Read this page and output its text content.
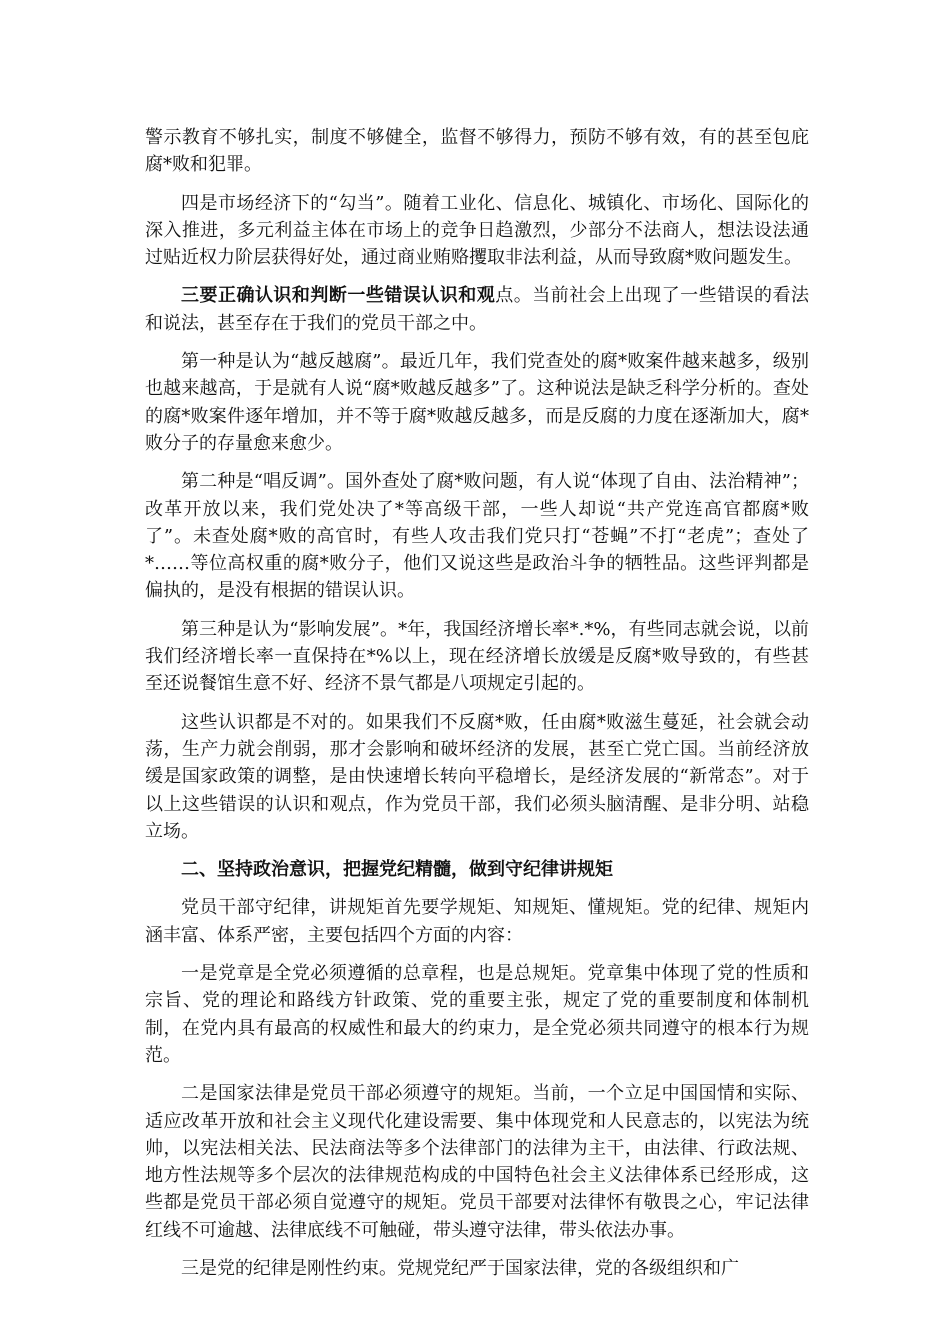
警示教育不够扎实，制度不够健全，监督不够得力，预防不够有效，有的甚至包庇腐*败和犯罪。

四是市场经济下的“勾当”。随着工业化、信息化、城镇化、市场化、国际化的深入推进，多元利益主体在市场上的竞争日趋激烈，少部分不法商人，想法设法通过贴近权力阶层获得好处，通过商业贿赂攫取非法利益，从而导致腐*败问题发生。

三要正确认识和判断一些错误认识和观点。当前社会上出现了一些错误的看法和说法，甚至存在于我们的党员干部之中。

第一种是认为“越反越腐”。最近几年，我们党查处的腐*败案件越来越多，级别也越来越高，于是就有人说“腐*败越反越多”了。这种说法是缺乏科学分析的。查处的腐*败案件逐年增加，并不等于腐*败越反越多，而是反腐的力度在逐渐加大，腐*败分子的存量愈来愈少。

第二种是“唱反调”。国外查处了腐*败问题，有人说“体现了自由、法治精神”；改革开放以来，我们党处决了*等高级干部，一些人却说“共产党连高官都腐*败了”。未查处腐*败的高官时，有些人攻击我们党只打“苍蝇”不打“老虎”；查处了*……等位高权重的腐*败分子，他们又说这些是政治斗争的牺牲品。这些评判都是偏执的，是没有根据的错误认识。

第三种是认为“影响发展”。*年，我国经济增长率*.*%，有些同志就会说，以前我们经济增长率一直保持在*%以上，现在经济增长放缓是反腐*败导致的，有些甚至还说餐馆生意不好、经济不景气都是八项规定引起的。

这些认识都是不对的。如果我们不反腐*败，任由腐*败滋生蔓延，社会就会动荡，生产力就会削弱，那才会影响和破坏经济的发展，甚至亡党亡国。当前经济放缓是国家政策的调整，是由快速增长转向平稳增长，是经济发展的“新常态”。对于以上这些错误的认识和观点，作为党员干部，我们必须头脑清醒、是非分明、站稳立场。

二、坚持政治意识，把握党纪精髓，做到守纪律讲规矩

党员干部守纪律，讲规矩首先要学规矩、知规矩、懂规矩。党的纪律、规矩内涵丰富、体系严密，主要包括四个方面的内容：

一是党章是全党必须遵循的总章程，也是总规矩。党章集中体现了党的性质和宗旨、党的理论和路线方针政策、党的重要主张，规定了党的重要制度和体制机制，在党内具有最高的权威性和最大的约束力，是全党必须共同遵守的根本行为规范。

二是国家法律是党员干部必须遵守的规矩。当前，一个立足中国国情和实际、适应改革开放和社会主义现代化建设需要、集中体现党和人民意志的，以宪法为统帅，以宪法相关法、民法商法等多个法律部门的法律为主干，由法律、行政法规、地方性法规等多个层次的法律规范构成的中国特色社会主义法律体系已经形成，这些都是党员干部必须自觉遵守的规矩。党员干部要对法律怀有敬畏之心，牢记法律红线不可逾越、法律底线不可触碰，带头遵守法律，带头依法办事。

三是党的纪律是刚性约束。党规党纪严于国家法律，党的各级组织和广
